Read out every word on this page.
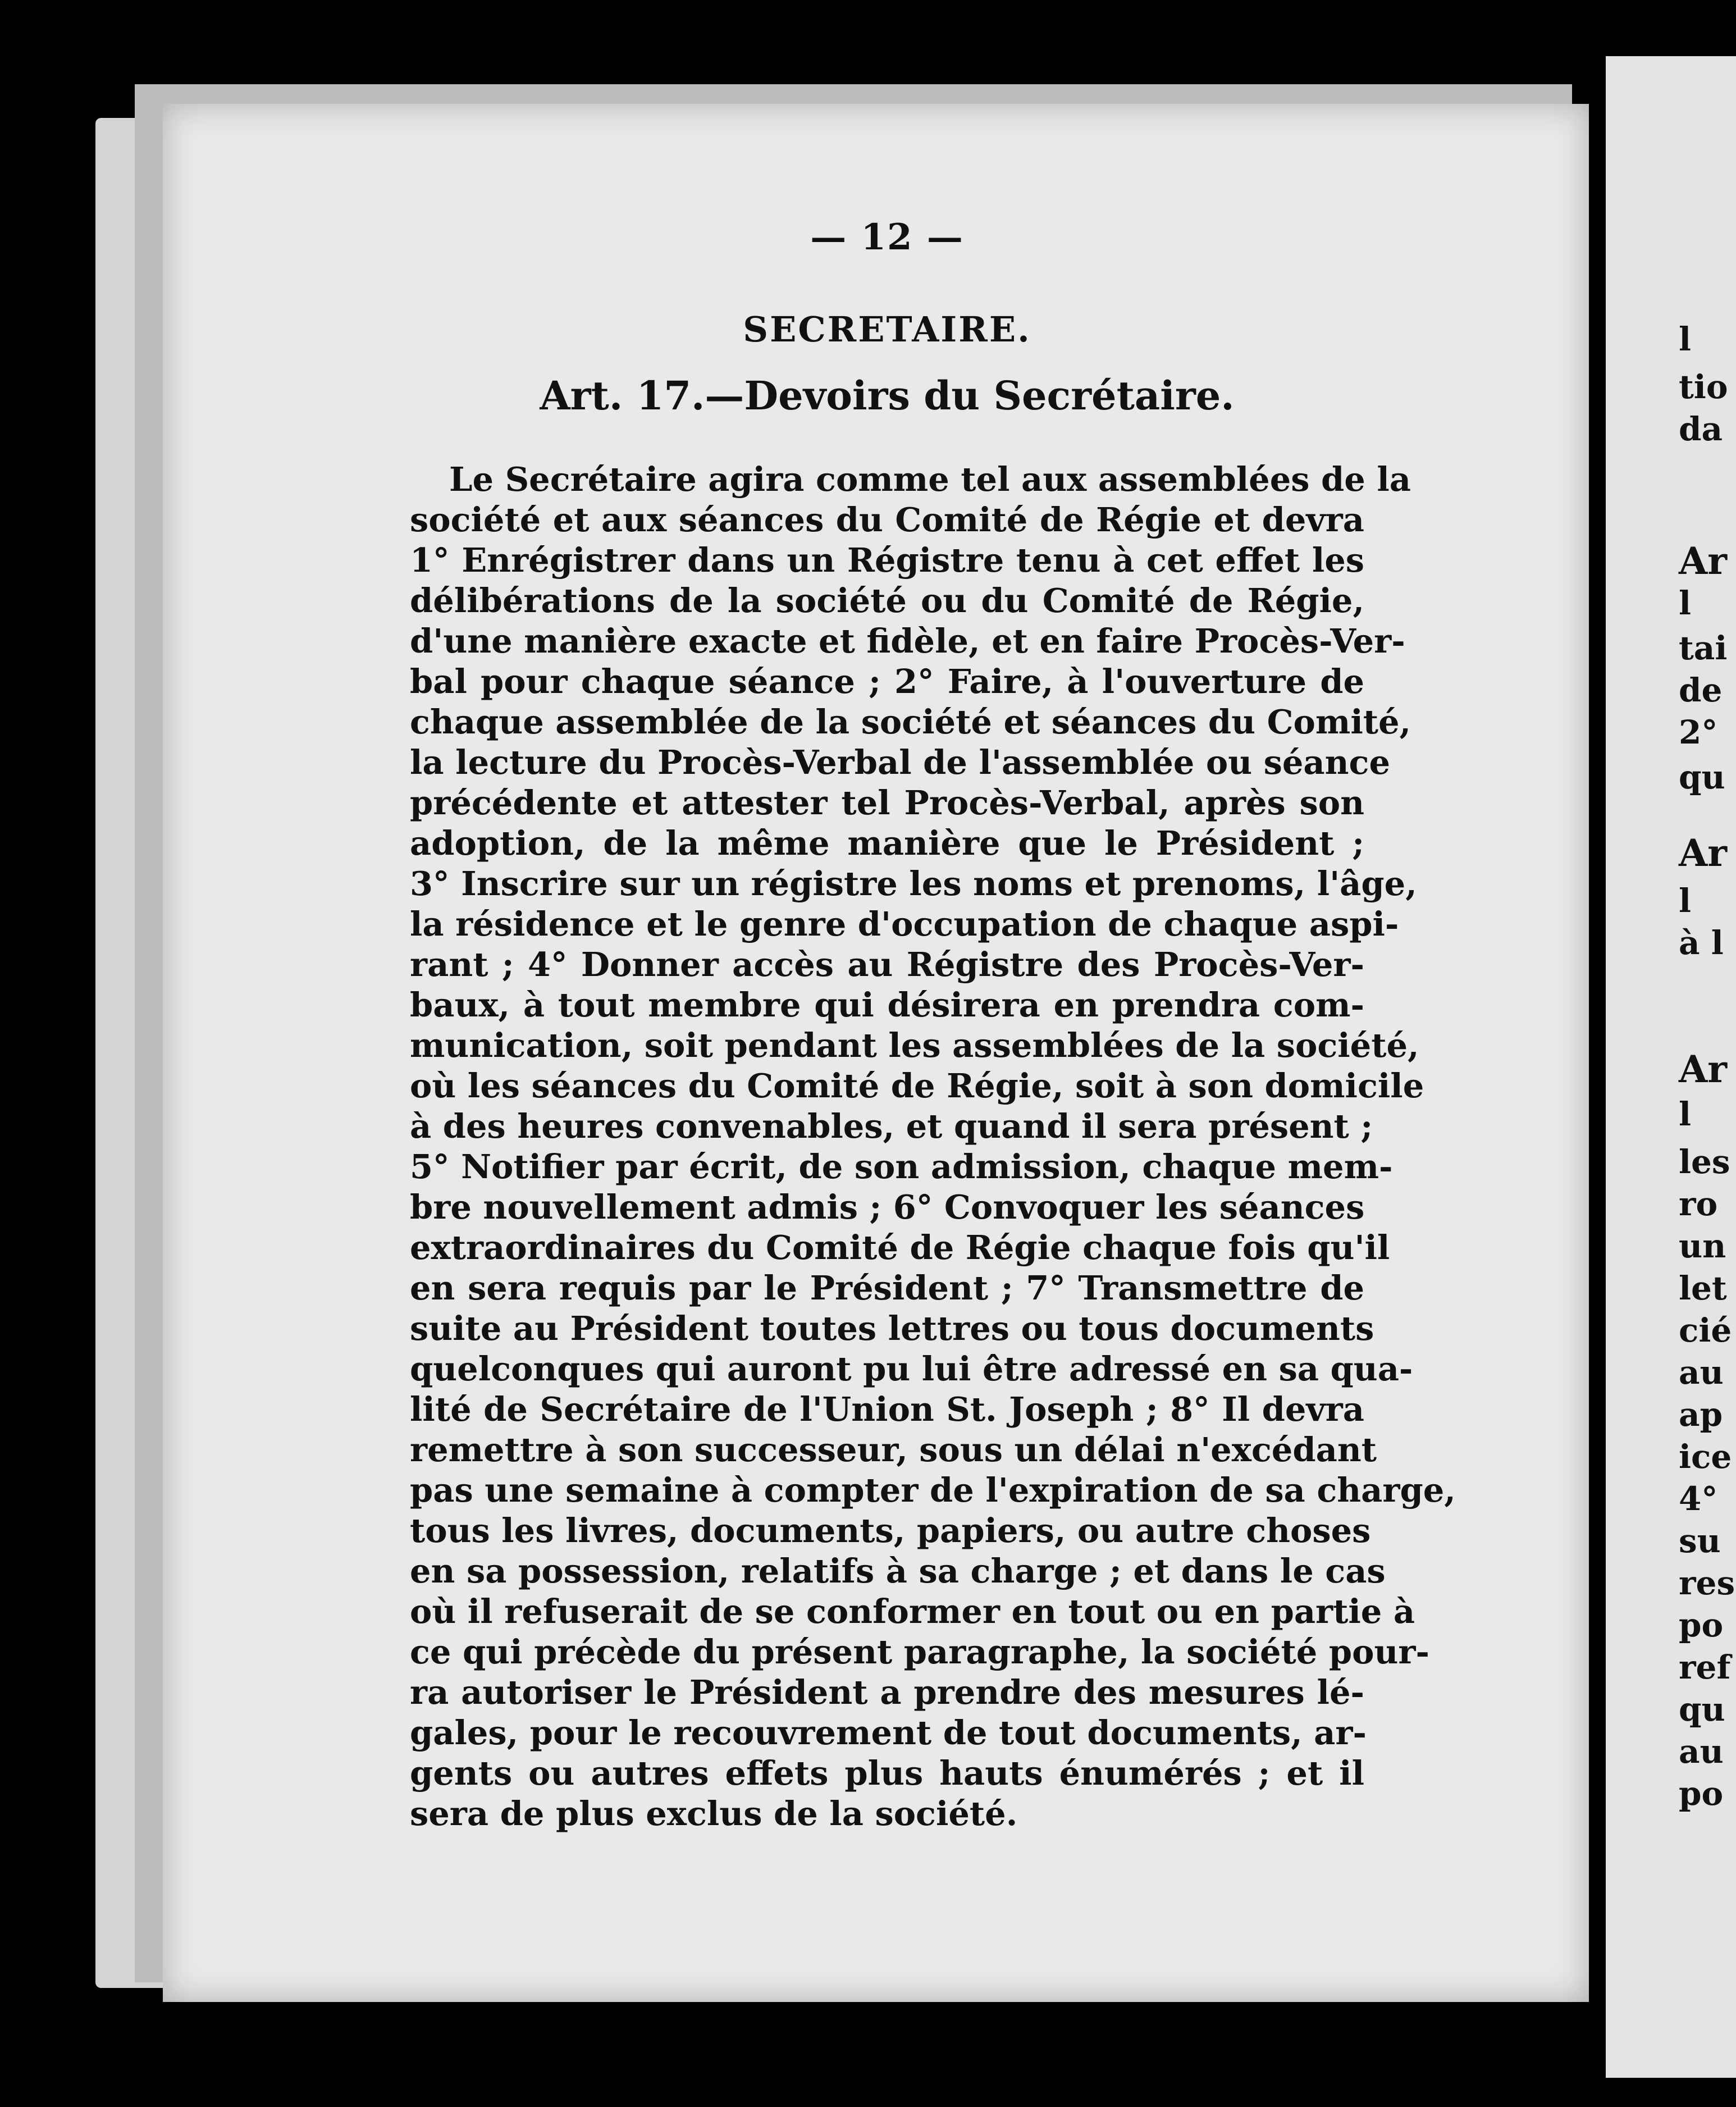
— 12 —
SECRETAIRE.
Art. 17.—Devoirs du Secrétaire.
Le Secrétaire agira comme tel aux assemblées de la
société et aux séances du Comité de Régie et devra
1° Enrégistrer dans un Régistre tenu à cet effet les
délibérations de la société ou du Comité de Régie,
d'une manière exacte et fidèle, et en faire Procès-Ver-
bal pour chaque séance ; 2° Faire, à l'ouverture de
chaque assemblée de la société et séances du Comité,
la lecture du Procès-Verbal de l'assemblée ou séance
précédente et attester tel Procès-Verbal, après son
adoption, de la même manière que le Président ;
3° Inscrire sur un régistre les noms et prenoms, l'âge,
la résidence et le genre d'occupation de chaque aspi-
rant ; 4° Donner accès au Régistre des Procès-Ver-
baux, à tout membre qui désirera en prendra com-
munication, soit pendant les assemblées de la société,
où les séances du Comité de Régie, soit à son domicile
à des heures convenables, et quand il sera présent ;
5° Notifier par écrit, de son admission, chaque mem-
bre nouvellement admis ; 6° Convoquer les séances
extraordinaires du Comité de Régie chaque fois qu'il
en sera requis par le Président ; 7° Transmettre de
suite au Président toutes lettres ou tous documents
quelconques qui auront pu lui être adressé en sa qua-
lité de Secrétaire de l'Union St. Joseph ; 8° Il devra
remettre à son successeur, sous un délai n'excédant
pas une semaine à compter de l'expiration de sa charge,
tous les livres, documents, papiers, ou autre choses
en sa possession, relatifs à sa charge ; et dans le cas
où il refuserait de se conformer en tout ou en partie à
ce qui précède du présent paragraphe, la société pour-
ra autoriser le Président a prendre des mesures lé-
gales, pour le recouvrement de tout documents, ar-
gents ou autres effets plus hauts énumérés ; et il
sera de plus exclus de la société.
l
tio
da
Ar
l
tai
de
2°
qu
Ar
l
à l
Ar
l
les
ro
un
let
cié
au
ap
ice
4°
su
res
po
ref
qu
au
po
